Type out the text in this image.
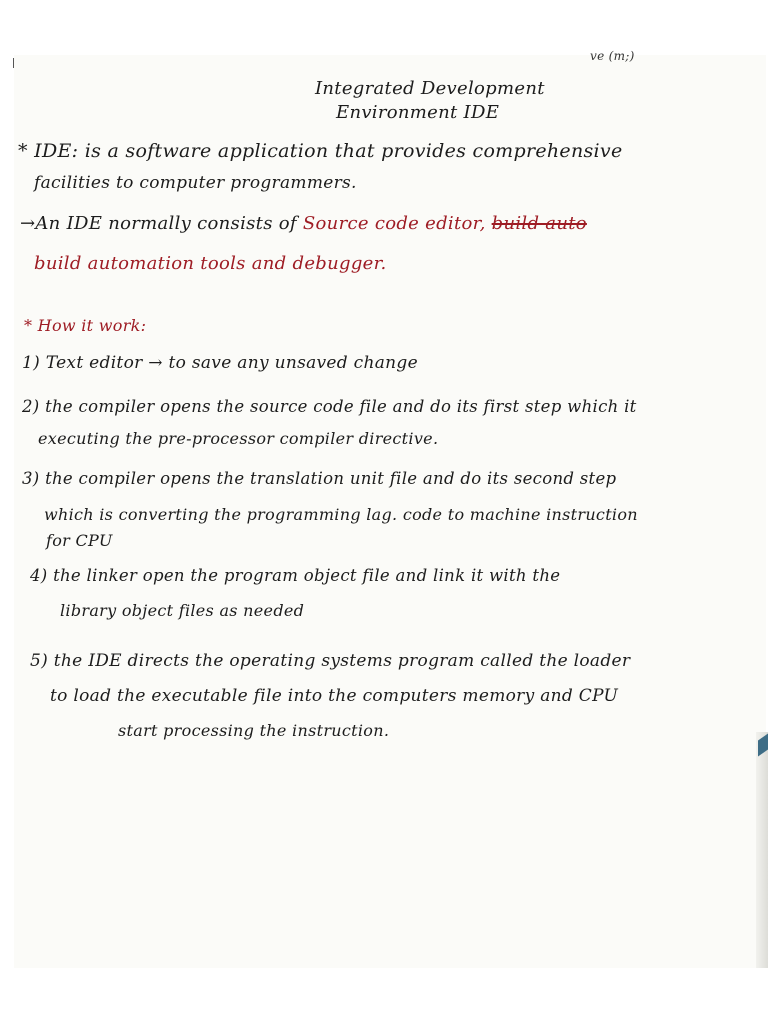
ve (m;)
Integrated Development
Environment IDE
* IDE: is a software application that provides comprehensive
facilities to computer programmers.
→An IDE normally consists of Source code editor, build auto
build automation tools and debugger.
* How it work:
1) Text editor → to save any unsaved change
2) the compiler opens the source code file and do its first step which it
executing the pre-processor compiler directive.
3) the compiler opens the translation unit file and do its second step
which is converting the programming lag. code to machine instruction
for CPU
4) the linker open the program object file and link it with the
library object files as needed
5) the IDE directs the operating systems program called the loader
to load the executable file into the computers memory and CPU
start processing the instruction.
